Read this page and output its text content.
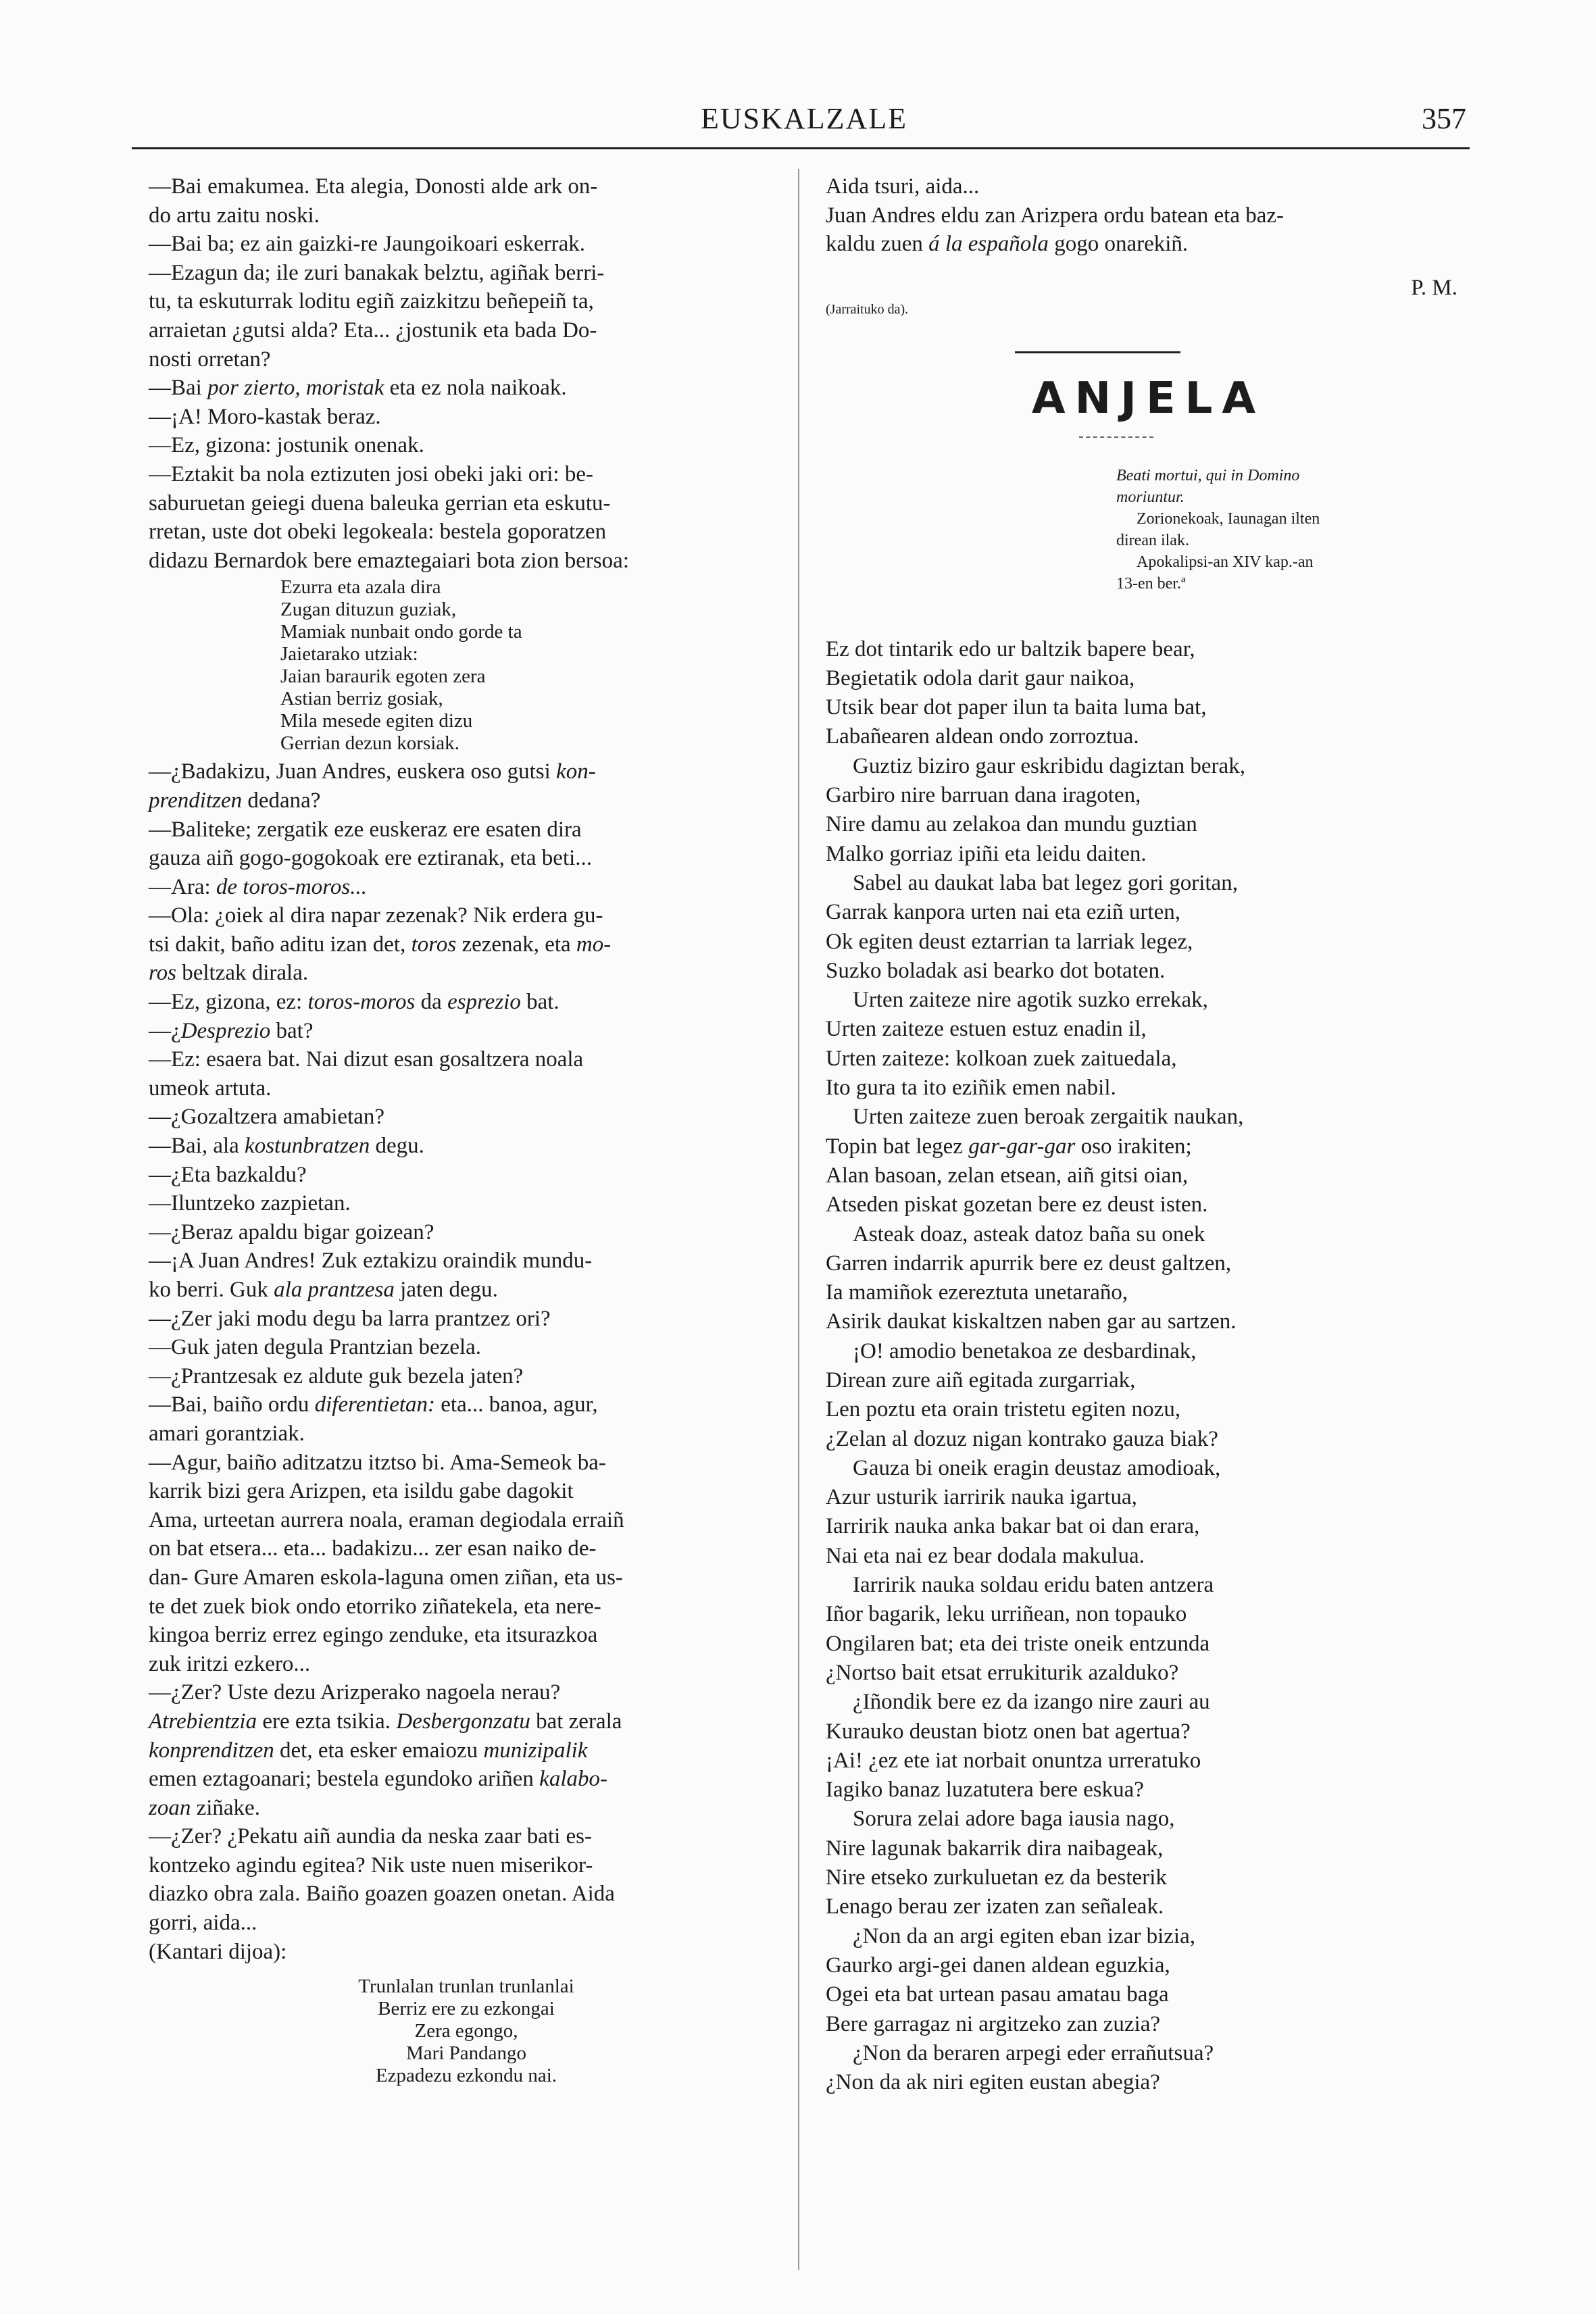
EUSKALZALE	357

—Bai emakumea. Eta alegia, Donosti alde ark on-

do artu zaitu noski.

—Bai ba; ez ain gaizki-re Jaungoikoari eskerrak.

—Ezagun da; ile zuri banakak belztu, agiñak berri-

tu, ta eskuturrak loditu egiñ zaizkitzu beñepeiñ ta,

arraietan ¿gutsi alda? Eta... ¿jostunik eta bada Do-

nosti orretan?

—Bai por zierto, moristak eta ez nola naikoak.

—¡A! Moro-kastak beraz.

—Ez, gizona: jostunik onenak.

—Eztakit ba nola eztizuten josi obeki jaki ori: be-

saburuetan geiegi duena baleuka gerrian eta eskutu-

rretan, uste dot obeki legokeala: bestela goporatzen

didazu Bernardok bere emaztegaiari bota zion bersoa:

Ezurra eta azala dira
Zugan dituzun guziak,
Mamiak nunbait ondo gorde ta
Jaietarako utziak:
Jaian baraurik egoten zera
Astian berriz gosiak,
Mila mesede egiten dizu
Gerrian dezun korsiak.

—¿Badakizu, Juan Andres, euskera oso gutsi kon-

prenditzen dedana?

—Baliteke; zergatik eze euskeraz ere esaten dira

gauza aiñ gogo-gogokoak ere eztiranak, eta beti...

—Ara: de toros-moros...

—Ola: ¿oiek al dira napar zezenak? Nik erdera gu-

tsi dakit, baño aditu izan det, toros zezenak, eta mo-

ros beltzak dirala.

—Ez, gizona, ez: toros-moros da esprezio bat.

—¿Desprezio bat?

—Ez: esaera bat. Nai dizut esan gosaltzera noala

umeok artuta.

—¿Gozaltzera amabietan?

—Bai, ala kostunbratzen degu.

—¿Eta bazkaldu?

—Iluntzeko zazpietan.

—¿Beraz apaldu bigar goizean?

—¡A Juan Andres! Zuk eztakizu oraindik mundu-

ko berri. Guk ala prantzesa jaten degu.

—¿Zer jaki modu degu ba larra prantzez ori?

—Guk jaten degula Prantzian bezela.

—¿Prantzesak ez aldute guk bezela jaten?

—Bai, baiño ordu diferentietan: eta... banoa, agur,

amari gorantziak.

—Agur, baiño aditzatzu itztso bi. Ama-Semeok ba-

karrik bizi gera Arizpen, eta isildu gabe dagokit

Ama, urteetan aurrera noala, eraman degiodala erraiñ

on bat etsera... eta... badakizu... zer esan naiko de-

dan- Gure Amaren eskola-laguna omen ziñan, eta us-

te det zuek biok ondo etorriko ziñatekela, eta nere-

kingoa berriz errez egingo zenduke, eta itsurazkoa

zuk iritzi ezkero...

—¿Zer? Uste dezu Arizperako nagoela nerau?

Atrebientzia ere ezta tsikia. Desbergonzatu bat zerala

konprenditzen det, eta esker emaiozu munizipalik

emen eztagoanari; bestela egundoko ariñen kalabo-

zoan ziñake.

—¿Zer? ¿Pekatu aiñ aundia da neska zaar bati es-

kontzeko agindu egitea? Nik uste nuen miserikor-

diazko obra zala. Baiño goazen goazen onetan. Aida

gorri, aida...

(Kantari dijoa):

Trunlalan trunlan trunlanlai
Berriz ere zu ezkongai
Zera egongo,
Mari Pandango
Ezpadezu ezkondu nai.

Aida tsuri, aida...

Juan Andres eldu zan Arizpera ordu batean eta baz-

kaldu zuen á la española gogo onarekiñ.

P. M.
(Jarraituko da).
ANJELA
Beati mortui, qui in Domino
moriuntur.
Zorionekoak, Iaunagan ilten
direan ilak.
Apokalipsi-an XIV kap.-an
13-en ber.ª

Ez dot tintarik edo ur baltzik bapere bear,

Begietatik odola darit gaur naikoa,

Utsik bear dot paper ilun ta baita luma bat,

Labañearen aldean ondo zorroztua.

Guztiz biziro gaur eskribidu dagiztan berak,

Garbiro nire barruan dana iragoten,

Nire damu au zelakoa dan mundu guztian

Malko gorriaz ipiñi eta leidu daiten.

Sabel au daukat laba bat legez gori goritan,

Garrak kanpora urten nai eta eziñ urten,

Ok egiten deust eztarrian ta larriak legez,

Suzko boladak asi bearko dot botaten.

Urten zaiteze nire agotik suzko errekak,

Urten zaiteze estuen estuz enadin il,

Urten zaiteze: kolkoan zuek zaituedala,

Ito gura ta ito eziñik emen nabil.

Urten zaiteze zuen beroak zergaitik naukan,

Topin bat legez gar-gar-gar oso irakiten;

Alan basoan, zelan etsean, aiñ gitsi oian,

Atseden piskat gozetan bere ez deust isten.

Asteak doaz, asteak datoz baña su onek

Garren indarrik apurrik bere ez deust galtzen,

Ia mamiñok ezereztuta unetaraño,

Asirik daukat kiskaltzen naben gar au sartzen.

¡O! amodio benetakoa ze desbardinak,

Direan zure aiñ egitada zurgarriak,

Len poztu eta orain tristetu egiten nozu,

¿Zelan al dozuz nigan kontrako gauza biak?

Gauza bi oneik eragin deustaz amodioak,

Azur usturik iarririk nauka igartua,

Iarririk nauka anka bakar bat oi dan erara,

Nai eta nai ez bear dodala makulua.

Iarririk nauka soldau eridu baten antzera

Iñor bagarik, leku urriñean, non topauko

Ongilaren bat; eta dei triste oneik entzunda

¿Nortso bait etsat errukiturik azalduko?

¿Iñondik bere ez da izango nire zauri au

Kurauko deustan biotz onen bat agertua?

¡Ai! ¿ez ete iat norbait onuntza urreratuko

Iagiko banaz luzatutera bere eskua?

Sorura zelai adore baga iausia nago,

Nire lagunak bakarrik dira naibageak,

Nire etseko zurkuluetan ez da besterik

Lenago berau zer izaten zan señaleak.

¿Non da an argi egiten eban izar bizia,

Gaurko argi-gei danen aldean eguzkia,

Ogei eta bat urtean pasau amatau baga

Bere garragaz ni argitzeko zan zuzia?

¿Non da beraren arpegi eder errañutsua?

¿Non da ak niri egiten eustan abegia?
